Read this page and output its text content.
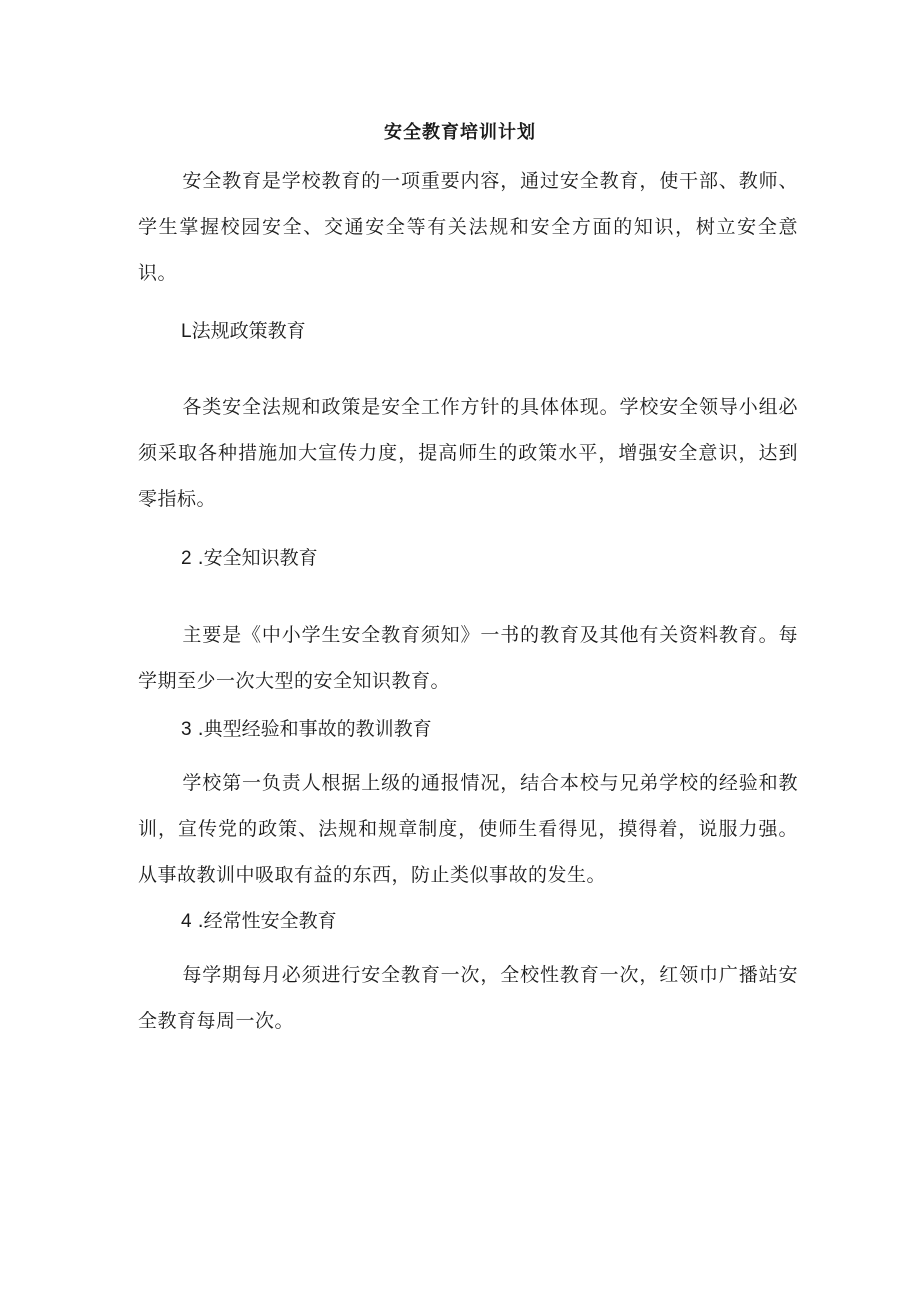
安全教育培训计划

安全教育是学校教育的一项重要内容，通过安全教育，使干部、教师、学生掌握校园安全、交通安全等有关法规和安全方面的知识，树立安全意识。

L法规政策教育

各类安全法规和政策是安全工作方针的具体体现。学校安全领导小组必须采取各种措施加大宣传力度，提高师生的政策水平，增强安全意识，达到零指标。

2 .安全知识教育

主要是《中小学生安全教育须知》一书的教育及其他有关资料教育。每学期至少一次大型的安全知识教育。

3 .典型经验和事故的教训教育

学校第一负责人根据上级的通报情况，结合本校与兄弟学校的经验和教训，宣传党的政策、法规和规章制度，使师生看得见，摸得着，说服力强。从事故教训中吸取有益的东西，防止类似事故的发生。

4 .经常性安全教育

每学期每月必须进行安全教育一次，全校性教育一次，红领巾广播站安全教育每周一次。
